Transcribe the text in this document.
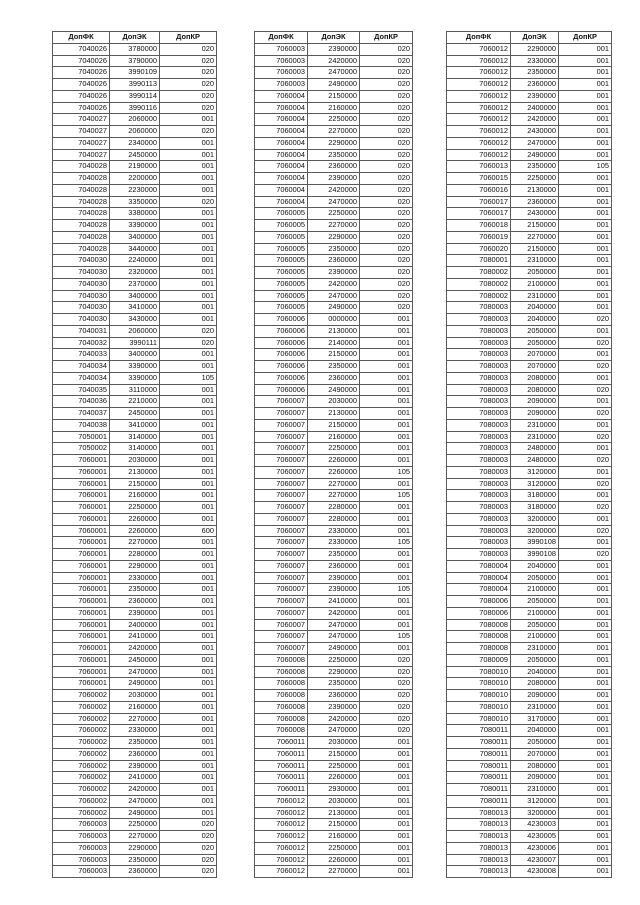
ДопФК	ДопЭК	ДопКР
7040026	3780000	020
7040026	3790000	020
7040026	3990109	020
7040026	3990113	020
7040026	3990114	020
7040026	3990116	020
7040027	2060000	001
7040027	2060000	020
7040027	2340000	001
7040027	2450000	001
7040028	2190000	001
7040028	2200000	001
7040028	2230000	001
7040028	3350000	020
7040028	3380000	001
7040028	3390000	001
7040028	3400000	001
7040028	3440000	001
7040030	2240000	001
7040030	2320000	001
7040030	2370000	001
7040030	3400000	001
7040030	3410000	001
7040030	3430000	001
7040031	2060000	020
7040032	3990111	020
7040033	3400000	001
7040034	3390000	001
7040034	3390000	105
7040035	3110000	001
7040036	2210000	001
7040037	2450000	001
7040038	3410000	001
7050001	3140000	001
7050002	3140000	001
7060001	2030000	001
7060001	2130000	001
7060001	2150000	001
7060001	2160000	001
7060001	2250000	001
7060001	2260000	001
7060001	2260000	600
7060001	2270000	001
7060001	2280000	001
7060001	2290000	001
7060001	2330000	001
7060001	2350000	001
7060001	2360000	001
7060001	2390000	001
7060001	2400000	001
7060001	2410000	001
7060001	2420000	001
7060001	2450000	001
7060001	2470000	001
7060001	2490000	001
7060002	2030000	001
7060002	2160000	001
7060002	2270000	001
7060002	2330000	001
7060002	2350000	001
7060002	2360000	001
7060002	2390000	001
7060002	2410000	001
7060002	2420000	001
7060002	2470000	001
7060002	2490000	001
7060003	2250000	020
7060003	2270000	020
7060003	2290000	020
7060003	2350000	020
7060003	2360000	020
ДопФК	ДопЭК	ДопКР
7060003	2390000	020
7060003	2420000	020
7060003	2470000	020
7060003	2490000	020
7060004	2150000	020
7060004	2160000	020
7060004	2250000	020
7060004	2270000	020
7060004	2290000	020
7060004	2350000	020
7060004	2360000	020
7060004	2390000	020
7060004	2420000	020
7060004	2470000	020
7060005	2250000	020
7060005	2270000	020
7060005	2290000	020
7060005	2350000	020
7060005	2360000	020
7060005	2390000	020
7060005	2420000	020
7060005	2470000	020
7060005	2490000	020
7060006	0000000	001
7060006	2130000	001
7060006	2140000	001
7060006	2150000	001
7060006	2350000	001
7060006	2360000	001
7060006	2490000	001
7060007	2030000	001
7060007	2130000	001
7060007	2150000	001
7060007	2160000	001
7060007	2250000	001
7060007	2260000	001
7060007	2260000	105
7060007	2270000	001
7060007	2270000	105
7060007	2280000	001
7060007	2280000	001
7060007	2330000	001
7060007	2330000	105
7060007	2350000	001
7060007	2360000	001
7060007	2390000	001
7060007	2390000	105
7060007	2410000	001
7060007	2420000	001
7060007	2470000	001
7060007	2470000	105
7060007	2490000	001
7060008	2250000	020
7060008	2290000	020
7060008	2350000	020
7060008	2360000	020
7060008	2390000	020
7060008	2420000	020
7060008	2470000	020
7060011	2030000	001
7060011	2150000	001
7060011	2250000	001
7060011	2260000	001
7060011	2930000	001
7060012	2030000	001
7060012	2130000	001
7060012	2150000	001
7060012	2160000	001
7060012	2250000	001
7060012	2260000	001
7060012	2270000	001
ДопФК	ДопЭК	ДопКР
7060012	2290000	001
7060012	2330000	001
7060012	2350000	001
7060012	2360000	001
7060012	2390000	001
7060012	2400000	001
7060012	2420000	001
7060012	2430000	001
7060012	2470000	001
7060012	2490000	001
7060013	2350000	105
7060015	2250000	001
7060016	2130000	001
7060017	2360000	001
7060017	2430000	001
7060018	2150000	001
7060019	2270000	001
7060020	2150000	001
7080001	2310000	001
7080002	2050000	001
7080002	2100000	001
7080002	2310000	001
7080003	2040000	001
7080003	2040000	020
7080003	2050000	001
7080003	2050000	020
7080003	2070000	001
7080003	2070000	020
7080003	2080000	001
7080003	2080000	020
7080003	2090000	001
7080003	2090000	020
7080003	2310000	001
7080003	2310000	020
7080003	2480000	001
7080003	2480000	020
7080003	3120000	001
7080003	3120000	020
7080003	3180000	001
7080003	3180000	020
7080003	3200000	001
7080003	3200000	020
7080003	3990108	001
7080003	3990108	020
7080004	2040000	001
7080004	2050000	001
7080004	2100000	001
7080006	2050000	001
7080006	2100000	001
7080008	2050000	001
7080008	2100000	001
7080008	2310000	001
7080009	2050000	001
7080010	2040000	001
7080010	2080000	001
7080010	2090000	001
7080010	2310000	001
7080010	3170000	001
7080011	2040000	001
7080011	2050000	001
7080011	2070000	001
7080011	2080000	001
7080011	2090000	001
7080011	2310000	001
7080011	3120000	001
7080013	3200000	001
7080013	4230003	001
7080013	4230005	001
7080013	4230006	001
7080013	4230007	001
7080013	4230008	001
